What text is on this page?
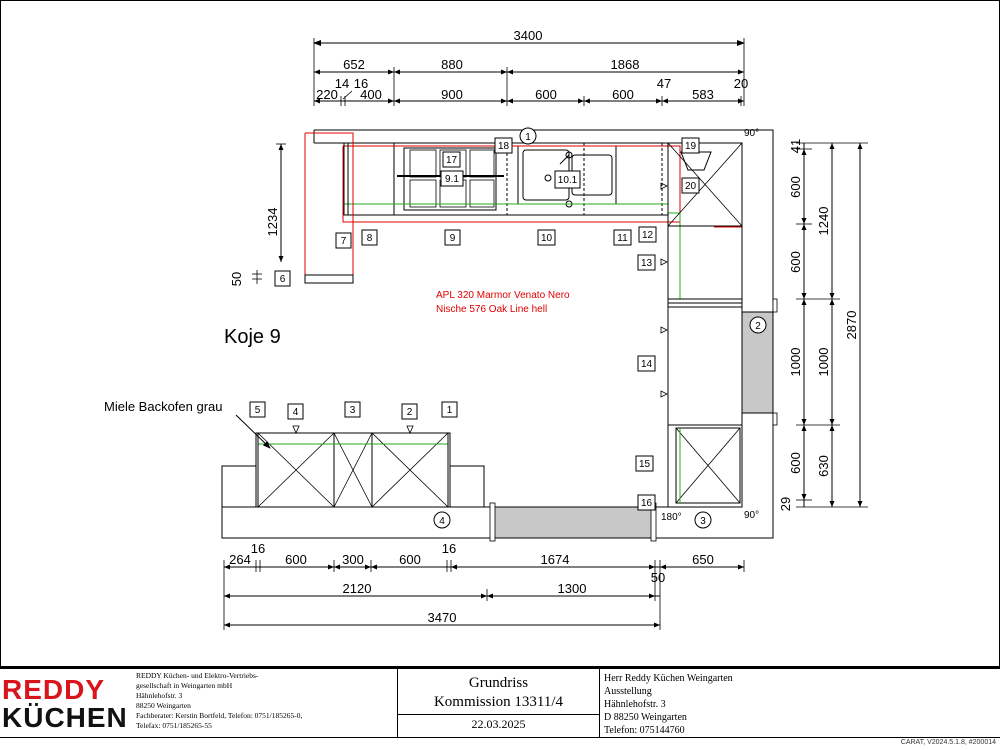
3400
652	880	1868
14 16	47	20
220 400	900	600	600	583
41
600
600
1000
600
29
1240
1000
630
2870
1234
50
264
16
600	300	600
16
1674	650
50
2120	1300
3470
1
2
3
4
5
6
7 8	9
9.1
10
10.1
11 12
13
14
15
16
17
18	19
20
1
2
3
4
90°
90°
180°
APL 320 Marmor Venato Nero
Nische 576 Oak Line hell
Koje 9
Miele Backofen grau
REDDY
KÜCHEN
REDDY Küchen- und Elektro-Vertriebs-
gesellschaft in Weingarten mbH
Hähnlehofstr. 3
88250 Weingarten
Fachberater: Kerstin Bortfeld, Telefon: 0751/185265-0,
Telefax: 0751/185265-55
Grundriss
Kommission 13311/4
22.03.2025
Herr Reddy Küchen Weingarten
Ausstellung
Hähnlehofstr. 3
D 88250 Weingarten
Telefon: 075144760
CARAT, V2024.5.1.8, #200014
